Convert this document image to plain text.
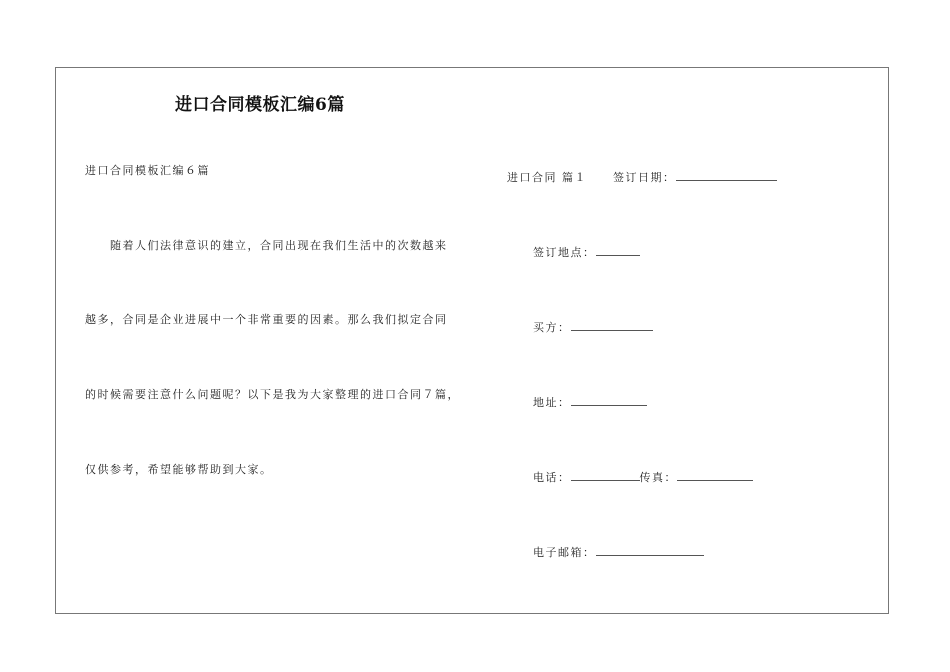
进口合同模板汇编6篇
进口合同模板汇编６篇
随着人们法律意识的建立，合同出现在我们生活中的次数越来
越多，合同是企业进展中一个非常重要的因素。那么我们拟定合同
的时候需要注意什么问题呢？以下是我为大家整理的进口合同７篇，
仅供参考，希望能够帮助到大家。
进口合同 篇１ 签订日期：
签订地点：
买方：
地址：
电话：	传真：
电子邮箱：
